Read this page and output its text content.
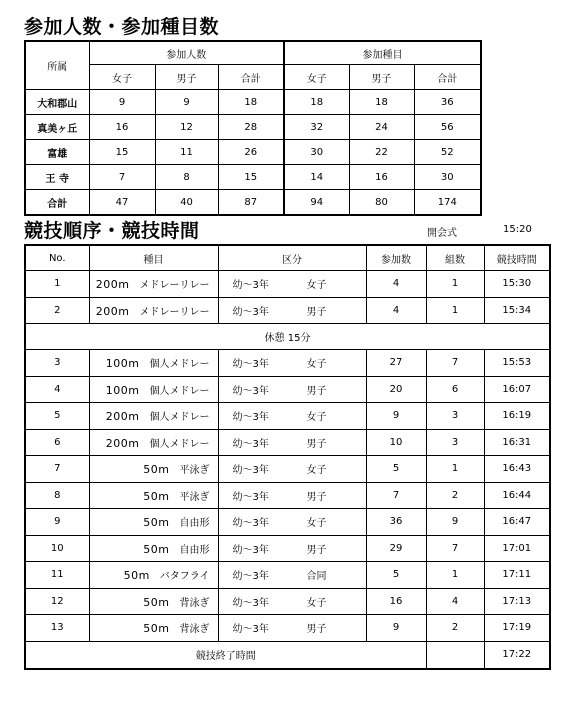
参加人数・参加種目数
所属	参加人数			参加種目		
	女子	男子	合計	女子	男子	合計
大和郡山	9	9	18	18	18	36
真美ヶ丘	16	12	28	32	24	56
富雄	15	11	26	30	22	52
王 寺	7	8	15	14	16	30
合計	47	40	87	94	80	174
競技順序・競技時間	開会式	15:20
No.	種目	区分	参加数	組数	競技時間
1	200m メドレーリレー	幼～3年 女子	4	1	15:30
2	200m メドレーリレー	幼～3年 男子	4	1	15:34
休憩 15分					
3	100m 個人メドレー	幼～3年 女子	27	7	15:53
4	100m 個人メドレー	幼～3年 男子	20	6	16:07
5	200m 個人メドレー	幼～3年 女子	9	3	16:19
6	200m 個人メドレー	幼～3年 男子	10	3	16:31
7	50m 平泳ぎ	幼～3年 女子	5	1	16:43
8	50m 平泳ぎ	幼～3年 男子	7	2	16:44
9	50m 自由形	幼～3年 女子	36	9	16:47
10	50m 自由形	幼～3年 男子	29	7	17:01
11	50m バタフライ	幼～3年 合同	5	1	17:11
12	50m 背泳ぎ	幼～3年 女子	16	4	17:13
13	50m 背泳ぎ	幼～3年 男子	9	2	17:19
競技終了時間					17:22
